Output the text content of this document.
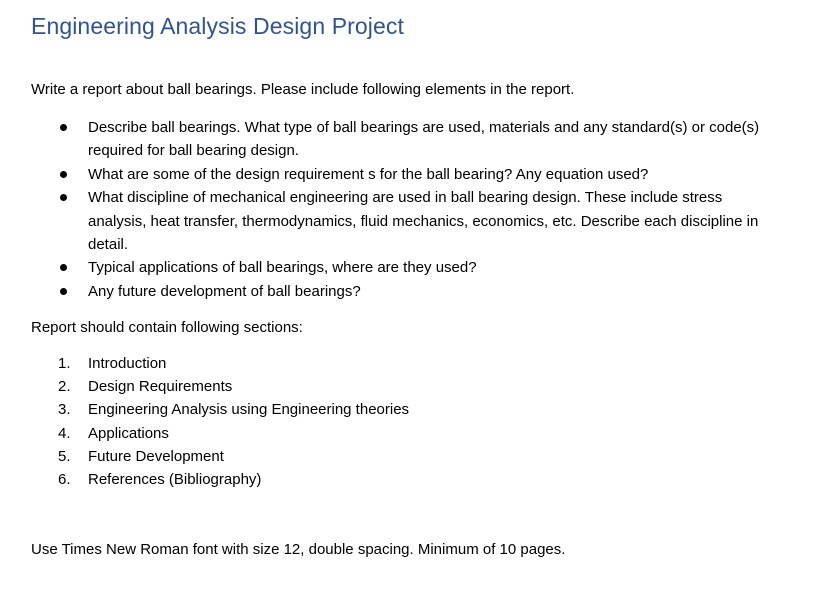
Engineering Analysis Design Project

Write a report about ball bearings. Please include following elements in the report.

Describe ball bearings. What type of ball bearings are used, materials and any standard(s) or code(s) required for ball bearing design.
What are some of the design requirement s for the ball bearing? Any equation used?
What discipline of mechanical engineering are used in ball bearing design. These include stress analysis, heat transfer, thermodynamics, fluid mechanics, economics, etc. Describe each discipline in detail.
Typical applications of ball bearings, where are they used?
Any future development of ball bearings?

Report should contain following sections:

1. Introduction
2. Design Requirements
3. Engineering Analysis using Engineering theories
4. Applications
5. Future Development
6. References (Bibliography)

Use Times New Roman font with size 12, double spacing. Minimum of 10 pages.
